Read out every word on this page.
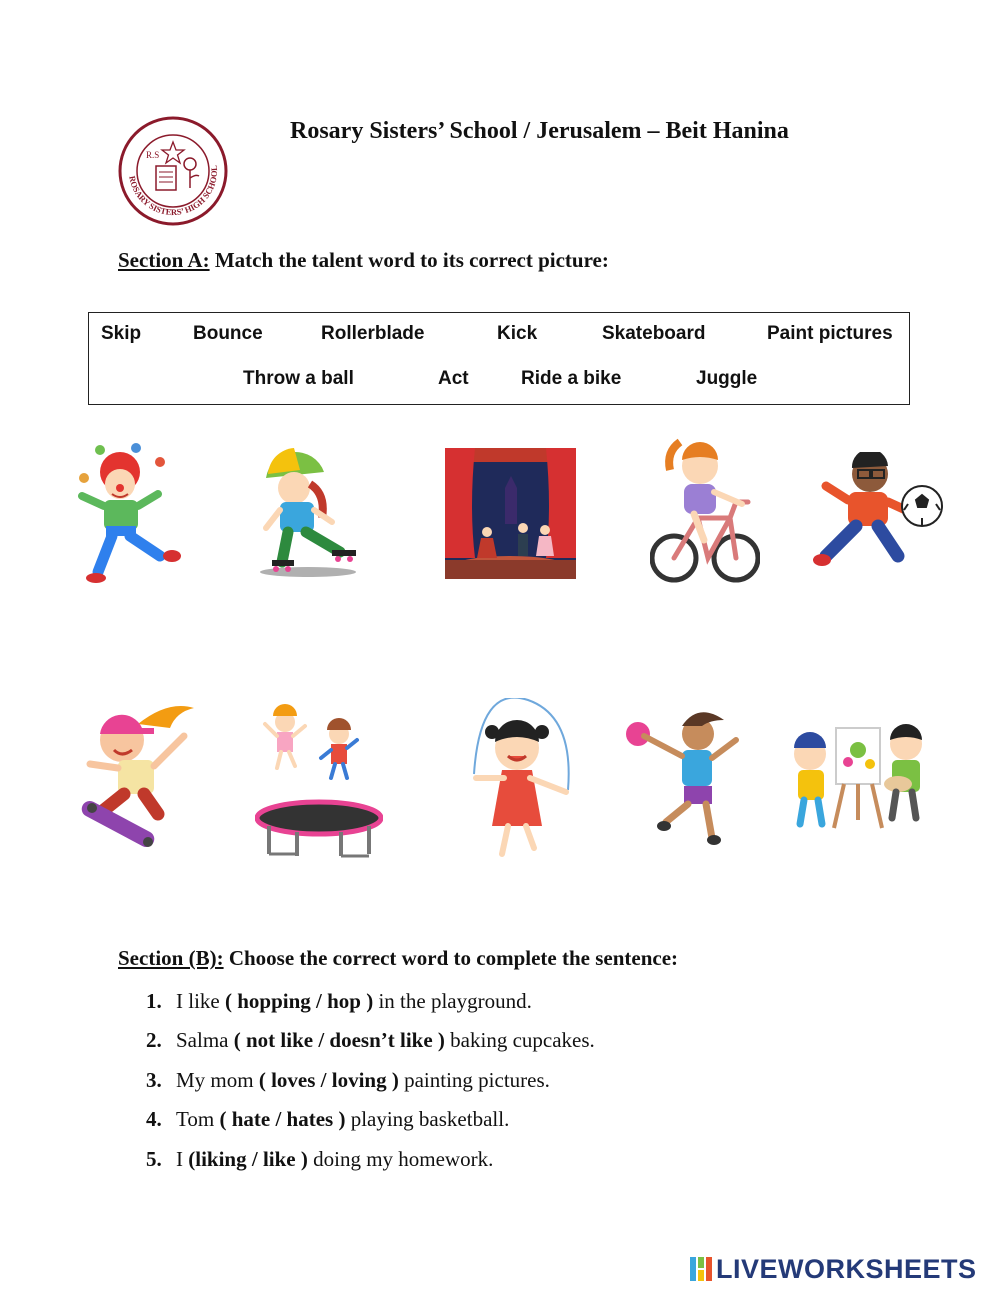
ROSARY SISTERS’ HIGH SCHOOL
R.S
Rosary Sisters’ School / Jerusalem – Beit Hanina
Section A: Match the talent word to its correct picture:
Skip	Bounce	Rollerblade	Kick	Skateboard	Paint pictures
Throw a ball	Act	Ride a bike	Juggle
Section (B): Choose the correct word to complete the sentence:
1. I like ( hopping / hop ) in the playground.
2. Salma ( not like / doesn’t like ) baking cupcakes.
3. My mom ( loves / loving ) painting pictures.
4. Tom ( hate / hates ) playing basketball.
5. I (liking / like ) doing my homework.
LIVEWORKSHEETS
